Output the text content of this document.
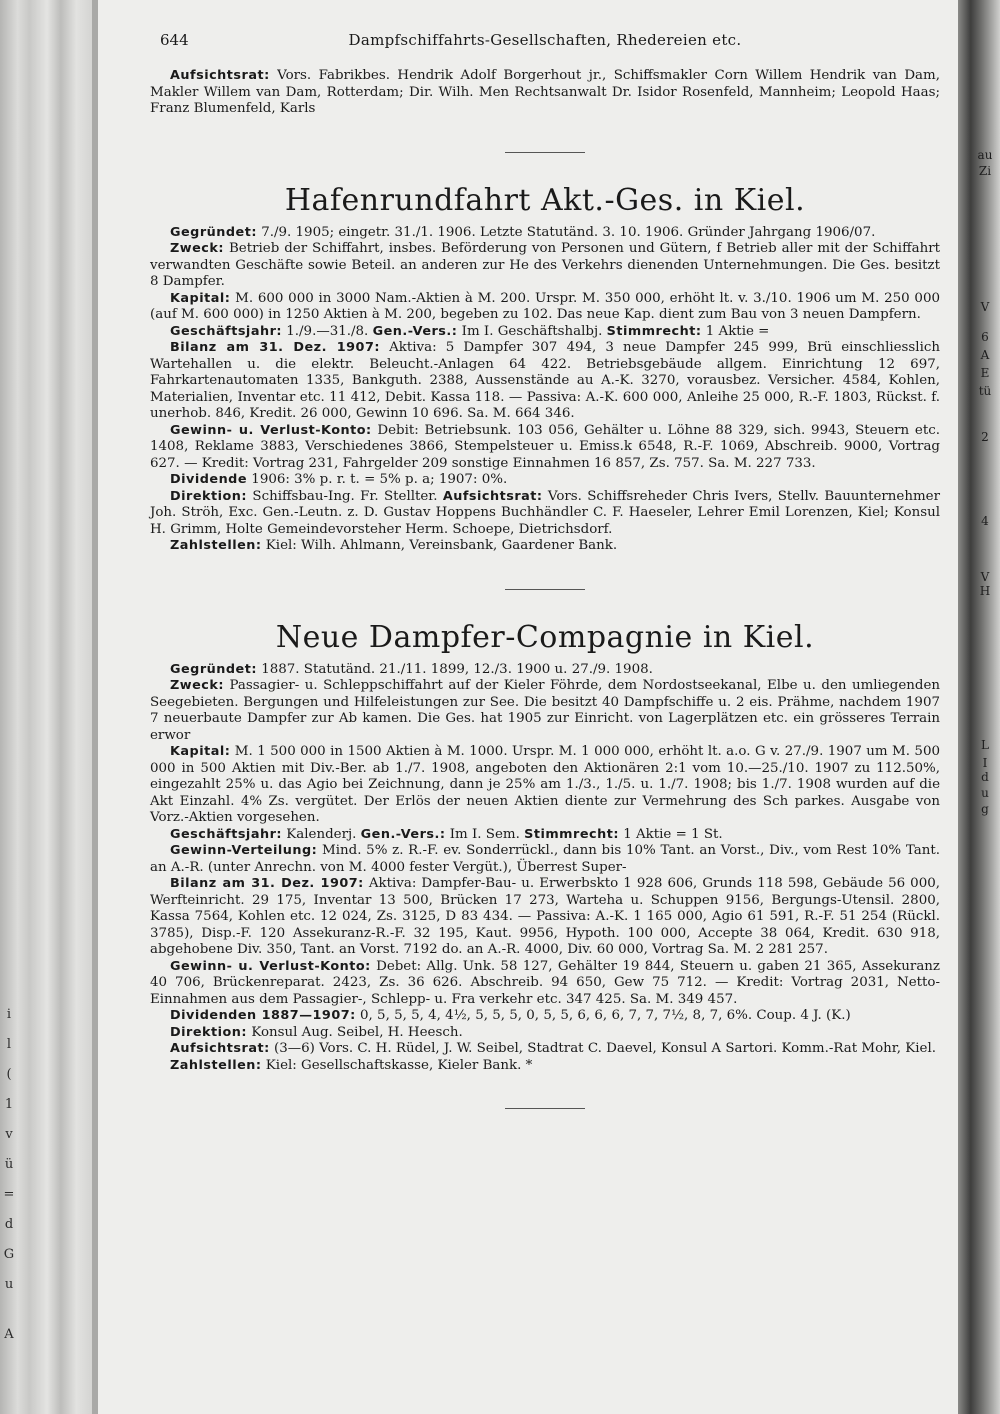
au
Zi
V
6
A
E
tü
2
4
V
H
L
I
d
u
g
i
l
(
1
v
ü
=
d
G
u
A
644	Dampfschiffahrts-Gesellschaften, Rhedereien etc.

Aufsichtsrat: Vors. Fabrikbes. Hendrik Adolf Borgerhout jr., Schiffsmakler Corn Willem Hendrik van Dam, Makler Willem van Dam, Rotterdam; Dir. Wilh. Men Rechtsanwalt Dr. Isidor Rosenfeld, Mannheim; Leopold Haas; Franz Blumenfeld, Karls

Hafenrundfahrt Akt.-Ges. in Kiel.

Gegründet: 7./9. 1905; eingetr. 31./1. 1906. Letzte Statutänd. 3. 10. 1906. Gründer Jahrgang 1906/07.

Zweck: Betrieb der Schiffahrt, insbes. Beförderung von Personen und Gütern, f Betrieb aller mit der Schiffahrt verwandten Geschäfte sowie Beteil. an anderen zur He des Verkehrs dienenden Unternehmungen. Die Ges. besitzt 8 Dampfer.

Kapital: M. 600 000 in 3000 Nam.-Aktien à M. 200. Urspr. M. 350 000, erhöht lt. v. 3./10. 1906 um M. 250 000 (auf M. 600 000) in 1250 Aktien à M. 200, begeben zu 102. Das neue Kap. dient zum Bau von 3 neuen Dampfern.

Geschäftsjahr: 1./9.—31./8. Gen.-Vers.: Im I. Geschäftshalbj. Stimmrecht: 1 Aktie =

Bilanz am 31. Dez. 1907: Aktiva: 5 Dampfer 307 494, 3 neue Dampfer 245 999, Brü einschliesslich Wartehallen u. die elektr. Beleucht.-Anlagen 64 422. Betriebsgebäude allgem. Einrichtung 12 697, Fahrkartenautomaten 1335, Bankguth. 2388, Aussenstände au A.-K. 3270, vorausbez. Versicher. 4584, Kohlen, Materialien, Inventar etc. 11 412, Debit. Kassa 118. — Passiva: A.-K. 600 000, Anleihe 25 000, R.-F. 1803, Rückst. f. unerhob. 846, Kredit. 26 000, Gewinn 10 696. Sa. M. 664 346.

Gewinn- u. Verlust-Konto: Debit: Betriebsunk. 103 056, Gehälter u. Löhne 88 329, sich. 9943, Steuern etc. 1408, Reklame 3883, Verschiedenes 3866, Stempelsteuer u. Emiss.k 6548, R.-F. 1069, Abschreib. 9000, Vortrag 627. — Kredit: Vortrag 231, Fahrgelder 209 sonstige Einnahmen 16 857, Zs. 757. Sa. M. 227 733.

Dividende 1906: 3% p. r. t. = 5% p. a; 1907: 0%.

Direktion: Schiffsbau-Ing. Fr. Stellter. Aufsichtsrat: Vors. Schiffsreheder Chris Ivers, Stellv. Bauunternehmer Joh. Ströh, Exc. Gen.-Leutn. z. D. Gustav Hoppens Buchhändler C. F. Haeseler, Lehrer Emil Lorenzen, Kiel; Konsul H. Grimm, Holte Gemeindevorsteher Herm. Schoepe, Dietrichsdorf.

Zahlstellen: Kiel: Wilh. Ahlmann, Vereinsbank, Gaardener Bank.

Neue Dampfer-Compagnie in Kiel.

Gegründet: 1887. Statutänd. 21./11. 1899, 12./3. 1900 u. 27./9. 1908.

Zweck: Passagier- u. Schleppschiffahrt auf der Kieler Föhrde, dem Nordostseekanal, Elbe u. den umliegenden Seegebieten. Bergungen und Hilfeleistungen zur See. Die besitzt 40 Dampfschiffe u. 2 eis. Prähme, nachdem 1907 7 neuerbaute Dampfer zur Ab kamen. Die Ges. hat 1905 zur Einricht. von Lagerplätzen etc. ein grösseres Terrain erwor

Kapital: M. 1 500 000 in 1500 Aktien à M. 1000. Urspr. M. 1 000 000, erhöht lt. a.o. G v. 27./9. 1907 um M. 500 000 in 500 Aktien mit Div.-Ber. ab 1./7. 1908, angeboten den Aktionären 2:1 vom 10.—25./10. 1907 zu 112.50%, eingezahlt 25% u. das Agio bei Zeichnung, dann je 25% am 1./3., 1./5. u. 1./7. 1908; bis 1./7. 1908 wurden auf die Akt Einzahl. 4% Zs. vergütet. Der Erlös der neuen Aktien diente zur Vermehrung des Sch parkes. Ausgabe von Vorz.-Aktien vorgesehen.

Geschäftsjahr: Kalenderj. Gen.-Vers.: Im I. Sem. Stimmrecht: 1 Aktie = 1 St.

Gewinn-Verteilung: Mind. 5% z. R.-F. ev. Sonderrückl., dann bis 10% Tant. an Vorst., Div., vom Rest 10% Tant. an A.-R. (unter Anrechn. von M. 4000 fester Vergüt.), Überrest Super-

Bilanz am 31. Dez. 1907: Aktiva: Dampfer-Bau- u. Erwerbskto 1 928 606, Grunds 118 598, Gebäude 56 000, Werfteinricht. 29 175, Inventar 13 500, Brücken 17 273, Warteha u. Schuppen 9156, Bergungs-Utensil. 2800, Kassa 7564, Kohlen etc. 12 024, Zs. 3125, D 83 434. — Passiva: A.-K. 1 165 000, Agio 61 591, R.-F. 51 254 (Rückl. 3785), Disp.-F. 120 Assekuranz-R.-F. 32 195, Kaut. 9956, Hypoth. 100 000, Accepte 38 064, Kredit. 630 918, abgehobene Div. 350, Tant. an Vorst. 7192 do. an A.-R. 4000, Div. 60 000, Vortrag Sa. M. 2 281 257.

Gewinn- u. Verlust-Konto: Debet: Allg. Unk. 58 127, Gehälter 19 844, Steuern u. gaben 21 365, Assekuranz 40 706, Brückenreparat. 2423, Zs. 36 626. Abschreib. 94 650, Gew 75 712. — Kredit: Vortrag 2031, Netto-Einnahmen aus dem Passagier-, Schlepp- u. Fra verkehr etc. 347 425. Sa. M. 349 457.

Dividenden 1887—1907: 0, 5, 5, 5, 4, 4½, 5, 5, 5, 0, 5, 5, 6, 6, 6, 7, 7, 7½, 8, 7, 6%. Coup. 4 J. (K.)

Direktion: Konsul Aug. Seibel, H. Heesch.

Aufsichtsrat: (3—6) Vors. C. H. Rüdel, J. W. Seibel, Stadtrat C. Daevel, Konsul A Sartori. Komm.-Rat Mohr, Kiel.

Zahlstellen: Kiel: Gesellschaftskasse, Kieler Bank. *
